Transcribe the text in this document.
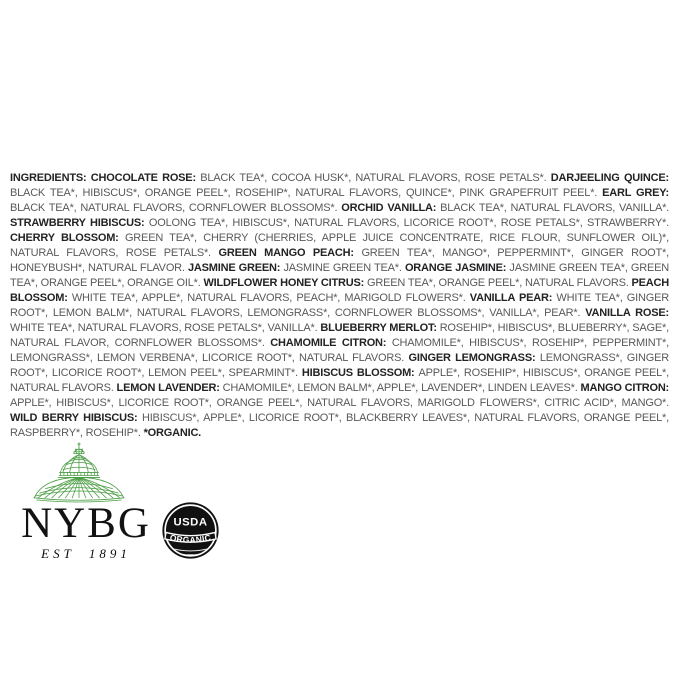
INGREDIENTS: CHOCOLATE ROSE: BLACK TEA*, COCOA HUSK*, NATURAL FLAVORS, ROSE PETALS*. DARJEELING QUINCE: BLACK TEA*, HIBISCUS*, ORANGE PEEL*, ROSEHIP*, NATURAL FLAVORS, QUINCE*, PINK GRAPEFRUIT PEEL*. EARL GREY: BLACK TEA*, NATURAL FLAVORS, CORNFLOWER BLOSSOMS*. ORCHID VANILLA: BLACK TEA*, NATURAL FLAVORS, VANILLA*. STRAWBERRY HIBISCUS: OOLONG TEA*, HIBISCUS*, NATURAL FLAVORS, LICORICE ROOT*, ROSE PETALS*, STRAWBERRY*. CHERRY BLOSSOM: GREEN TEA*, CHERRY (CHERRIES, APPLE JUICE CONCENTRATE, RICE FLOUR, SUNFLOWER OIL)*, NATURAL FLAVORS, ROSE PETALS*. GREEN MANGO PEACH: GREEN TEA*, MANGO*, PEPPERMINT*, GINGER ROOT*, HONEYBUSH*, NATURAL FLAVOR. JASMINE GREEN: JASMINE GREEN TEA*. ORANGE JASMINE: JASMINE GREEN TEA*, GREEN TEA*, ORANGE PEEL*, ORANGE OIL*. WILDFLOWER HONEY CITRUS: GREEN TEA*, ORANGE PEEL*, NATURAL FLAVORS. PEACH BLOSSOM: WHITE TEA*, APPLE*, NATURAL FLAVORS, PEACH*, MARIGOLD FLOWERS*. VANILLA PEAR: WHITE TEA*, GINGER ROOT*, LEMON BALM*, NATURAL FLAVORS, LEMONGRASS*, CORNFLOWER BLOSSOMS*, VANILLA*, PEAR*. VANILLA ROSE: WHITE TEA*, NATURAL FLAVORS, ROSE PETALS*, VANILLA*. BLUEBERRY MERLOT: ROSEHIP*, HIBISCUS*, BLUEBERRY*, SAGE*, NATURAL FLAVOR, CORNFLOWER BLOSSOMS*. CHAMOMILE CITRON: CHAMOMILE*, HIBISCUS*, ROSEHIP*, PEPPERMINT*, LEMONGRASS*, LEMON VERBENA*, LICORICE ROOT*, NATURAL FLAVORS. GINGER LEMONGRASS: LEMONGRASS*, GINGER ROOT*, LICORICE ROOT*, LEMON PEEL*, SPEARMINT*. HIBISCUS BLOSSOM: APPLE*, ROSEHIP*, HIBISCUS*, ORANGE PEEL*, NATURAL FLAVORS. LEMON LAVENDER: CHAMOMILE*, LEMON BALM*, APPLE*, LAVENDER*, LINDEN LEAVES*. MANGO CITRON: APPLE*, HIBISCUS*, LICORICE ROOT*, ORANGE PEEL*, NATURAL FLAVORS, MARIGOLD FLOWERS*, CITRIC ACID*, MANGO*. WILD BERRY HIBISCUS: HIBISCUS*, APPLE*, LICORICE ROOT*, BLACKBERRY LEAVES*, NATURAL FLAVORS, ORANGE PEEL*, RASPBERRY*, ROSEHIP*. *ORGANIC.

NYBG
EST 1891
USDA
ORGANIC
